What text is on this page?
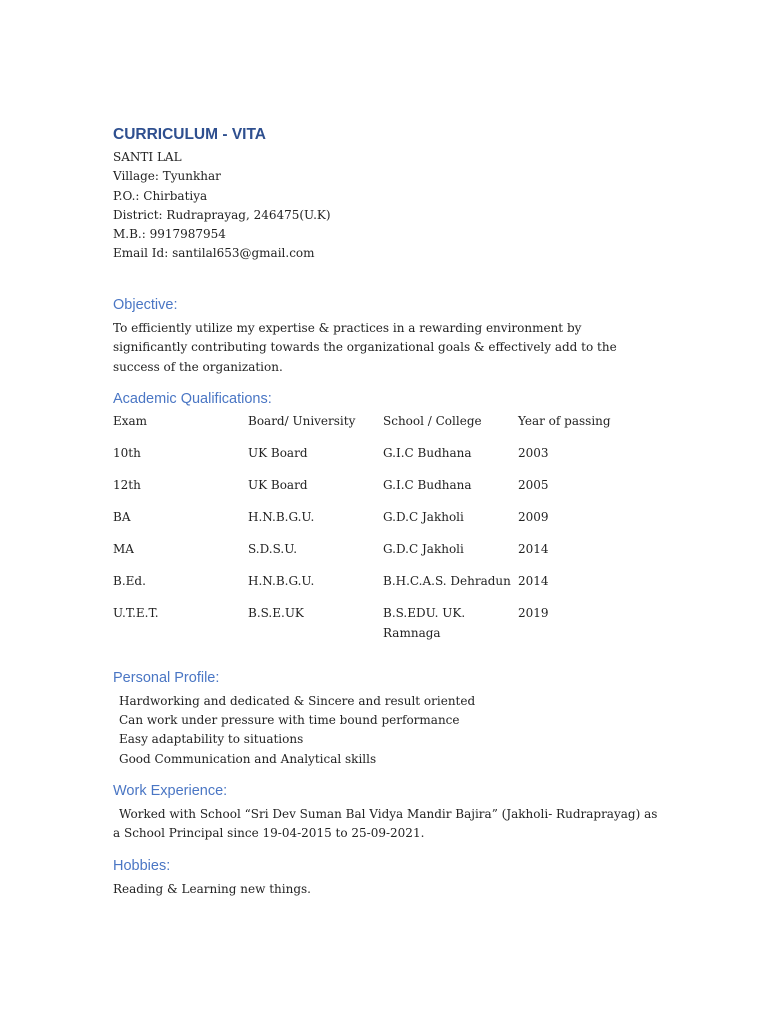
CURRICULUM - VITA
SANTI LAL
Village: Tyunkhar
P.O.: Chirbatiya
District: Rudraprayag, 246475(U.K)
M.B.: 9917987954
Email Id: santilal653@gmail.com
Objective:

To efficiently utilize my expertise & practices in a rewarding environment by significantly contributing towards the organizational goals & effectively add to the success of the organization.

Academic Qualifications:
Exam	Board/ University	School / College	Year of passing
10th	UK Board	G.I.C Budhana	2003
12th	UK Board	G.I.C Budhana	2005
BA	H.N.B.G.U.	G.D.C Jakholi	2009
MA	S.D.S.U.	G.D.C Jakholi	2014
B.Ed.	H.N.B.G.U.	B.H.C.A.S. Dehradun	2014
U.T.E.T.	B.S.E.UK	B.S.EDU. UK. Ramnaga	2019
Personal Profile:
Hardworking and dedicated & Sincere and result oriented
Can work under pressure with time bound performance
Easy adaptability to situations
Good Communication and Analytical skills
Work Experience:

Worked with School “Sri Dev Suman Bal Vidya Mandir Bajira” (Jakholi- Rudraprayag) as a School Principal since 19-04-2015 to 25-09-2021.

Hobbies:

Reading & Learning new things.
